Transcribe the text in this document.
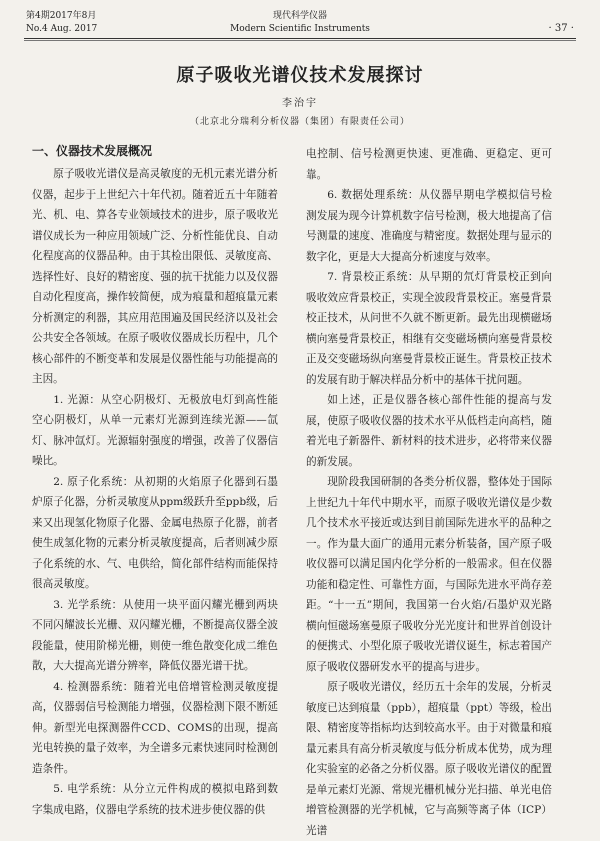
第4期2017年8月
No.4 Aug. 2017
现代科学仪器
Modern Scientific Instruments	· 37 ·
原子吸收光谱仪技术发展探讨
李治宇
（北京北分瑞利分析仪器（集团）有限责任公司）
一、仪器技术发展概况

原子吸收光谱仪是高灵敏度的无机元素光谱分析仪器，起步于上世纪六十年代初。随着近五十年随着光、机、电、算各专业领域技术的进步，原子吸收光谱仪成长为一种应用领域广泛、分析性能优良、自动化程度高的仪器品种。由于其检出限低、灵敏度高、选择性好、良好的精密度、强的抗干扰能力以及仪器自动化程度高，操作较简便，成为痕量和超痕量元素分析测定的利器，其应用范围遍及国民经济以及社会公共安全各领域。在原子吸收仪器成长历程中，几个核心部件的不断变革和发展是仪器性能与功能提高的主因。

1. 光源：从空心阴极灯、无极放电灯到高性能空心阴极灯，从单一元素灯光源到连续光源——氙灯、脉冲氙灯。光源辐射强度的增强，改善了仪器信噪比。

2. 原子化系统：从初期的火焰原子化器到石墨炉原子化器，分析灵敏度从ppm级跃升至ppb级，后来又出现氢化物原子化器、金属电热原子化器，前者使生成氢化物的元素分析灵敏度提高，后者则减少原子化系统的水、气、电供给，简化部件结构而能保持很高灵敏度。

3. 光学系统：从使用一块平面闪耀光栅到两块不同闪耀波长光栅、双闪耀光栅，不断提高仪器全波段能量，使用阶梯光栅，则使一维色散变化成二维色散，大大提高光谱分辨率，降低仪器光谱干扰。

4. 检测器系统：随着光电倍增管检测灵敏度提高，仪器弱信号检测能力增强，仪器检测下限不断延伸。新型光电探测器件CCD、COMS的出现，提高光电转换的量子效率，为全谱多元素快速同时检测创造条件。

5. 电学系统：从分立元件构成的模拟电路到数字集成电路，仪器电学系统的技术进步使仪器的供

电控制、信号检测更快速、更准确、更稳定、更可靠。

6. 数据处理系统：从仪器早期电学模拟信号检测发展为现今计算机数字信号检测，极大地提高了信号测量的速度、准确度与精密度。数据处理与显示的数字化，更是大大提高分析速度与效率。

7. 背景校正系统：从早期的氘灯背景校正到向吸收效应背景校正，实现全波段背景校正。塞曼背景校正技术，从问世不久就不断更新。最先出现横磁场横向塞曼背景校正，相继有交变磁场横向塞曼背景校正及交变磁场纵向塞曼背景校正诞生。背景校正技术的发展有助于解决样品分析中的基体干扰问题。

如上述，正是仪器各核心部件性能的提高与发展，使原子吸收仪器的技术水平从低档走向高档，随着光电子新器件、新材料的技术进步，必将带来仪器的新发展。

现阶段我国研制的各类分析仪器，整体处于国际上世纪九十年代中期水平，而原子吸收光谱仪是少数几个技术水平接近或达到目前国际先进水平的品种之一。作为量大面广的通用元素分析装备，国产原子吸收仪器可以满足国内化学分析的一般需求。但在仪器功能和稳定性、可靠性方面，与国际先进水平尚存差距。“十一五”期间，我国第一台火焰/石墨炉双光路横向恒磁场塞曼原子吸收分光光度计和世界首创设计的便携式、小型化原子吸收光谱仪诞生，标志着国产原子吸收仪器研发水平的提高与进步。

原子吸收光谱仪，经历五十余年的发展，分析灵敏度已达到痕量（ppb），超痕量（ppt）等级，检出限、精密度等指标均达到较高水平。由于对微量和痕量元素具有高分析灵敏度与低分析成本优势，成为理化实验室的必备之分析仪器。原子吸收光谱仪的配置是单元素灯光源、常规光栅机械分光扫描、单光电倍增管检测器的光学机械，它与高频等离子体（ICP）光谱
